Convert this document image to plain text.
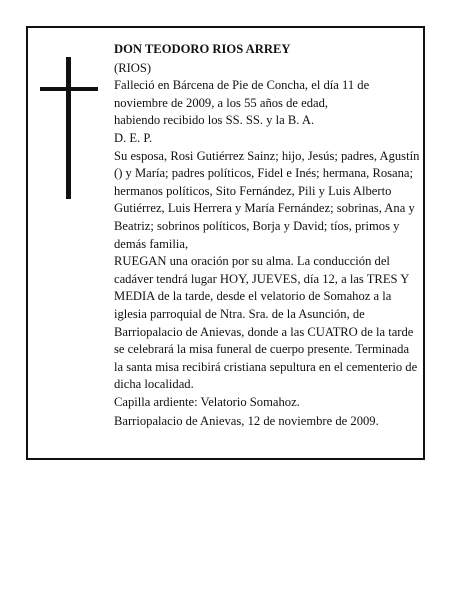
DON TEODORO RIOS ARREY

(RIOS)

Falleció en Bárcena de Pie de Concha, el día 11 de

noviembre de 2009, a los 55 años de edad,

habiendo recibido los SS. SS. y la B. A.

D. E. P.

Su esposa, Rosi Gutiérrez Sainz; hijo, Jesús; padres, Agustín () y María; padres políticos, Fidel e Inés; hermana, Rosana; hermanos políticos, Sito Fernández, Pili y Luis Alberto Gutiérrez, Luis Herrera y María Fernández; sobrinas, Ana y Beatriz; sobrinos políticos, Borja y David; tíos, primos y demás familia,

RUEGAN una oración por su alma. La conducción del cadáver tendrá lugar HOY, JUEVES, día 12, a las TRES Y MEDIA de la tarde, desde el velatorio de Somahoz a la iglesia parroquial de Ntra. Sra. de la Asunción, de Barriopalacio de Anievas, donde a las CUATRO de la tarde se celebrará la misa funeral de cuerpo presente. Terminada la santa misa recibirá cristiana sepultura en el cementerio de dicha localidad.

Capilla ardiente: Velatorio Somahoz.

Barriopalacio de Anievas, 12 de noviembre de 2009.
